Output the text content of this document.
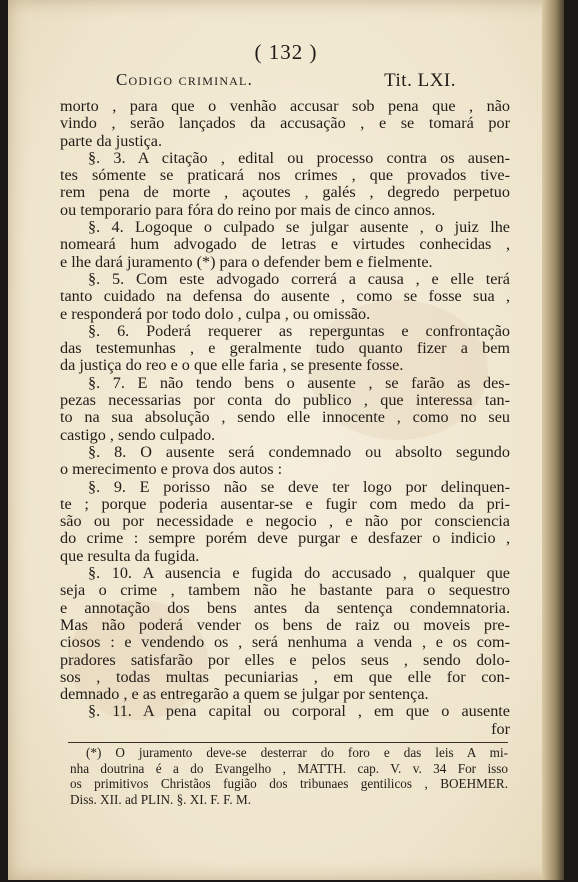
( 132 )
Codigo criminal.	Tit. LXI.
morto , para que o venhão accusar sob pena que , não
vindo , serão lançados da accusação , e se tomará por
parte da justiça.
§. 3. A citação , edital ou processo contra os ausen-
tes sómente se praticará nos crimes , que provados tive-
rem pena de morte , açoutes , galés , degredo perpetuo
ou temporario para fóra do reino por mais de cinco annos.
§. 4. Logoque o culpado se julgar ausente , o juiz lhe
nomeará hum advogado de letras e virtudes conhecidas ,
e lhe dará juramento (*) para o defender bem e fielmente.
§. 5. Com este advogado correrá a causa , e elle terá
tanto cuidado na defensa do ausente , como se fosse sua ,
e responderá por todo dolo , culpa , ou omissão.
§. 6. Poderá requerer as reperguntas e confrontação
das testemunhas , e geralmente tudo quanto fizer a bem
da justiça do reo e o que elle faria , se presente fosse.
§. 7. E não tendo bens o ausente , se farão as des-
pezas necessarias por conta do publico , que interessa tan-
to na sua absolução , sendo elle innocente , como no seu
castigo , sendo culpado.
§. 8. O ausente será condemnado ou absolto segundo
o merecimento e prova dos autos :
§. 9. E porisso não se deve ter logo por delinquen-
te ; porque poderia ausentar-se e fugir com medo da pri-
são ou por necessidade e negocio , e não por consciencia
do crime : sempre porém deve purgar e desfazer o indicio ,
que resulta da fugida.
§. 10. A ausencia e fugida do accusado , qualquer que
seja o crime , tambem não he bastante para o sequestro
e annotação dos bens antes da sentença condemnatoria.
Mas não poderá vender os bens de raiz ou moveis pre-
ciosos : e vendendo os , será nenhuma a venda , e os com-
pradores satisfarão por elles e pelos seus , sendo dolo-
sos , todas multas pecuniarias , em que elle for con-
demnado , e as entregarão a quem se julgar por sentença.
§. 11. A pena capital ou corporal , em que o ausente
for
(*) O juramento deve-se desterrar do foro e das leis A mi-
nha doutrina é a do Evangelho , MATTH. cap. V. v. 34 For isso
os primitivos Christãos fugião dos tribunaes gentilicos , BOEHMER.
Diss. XII. ad PLIN. §. XI. F. F. M.
